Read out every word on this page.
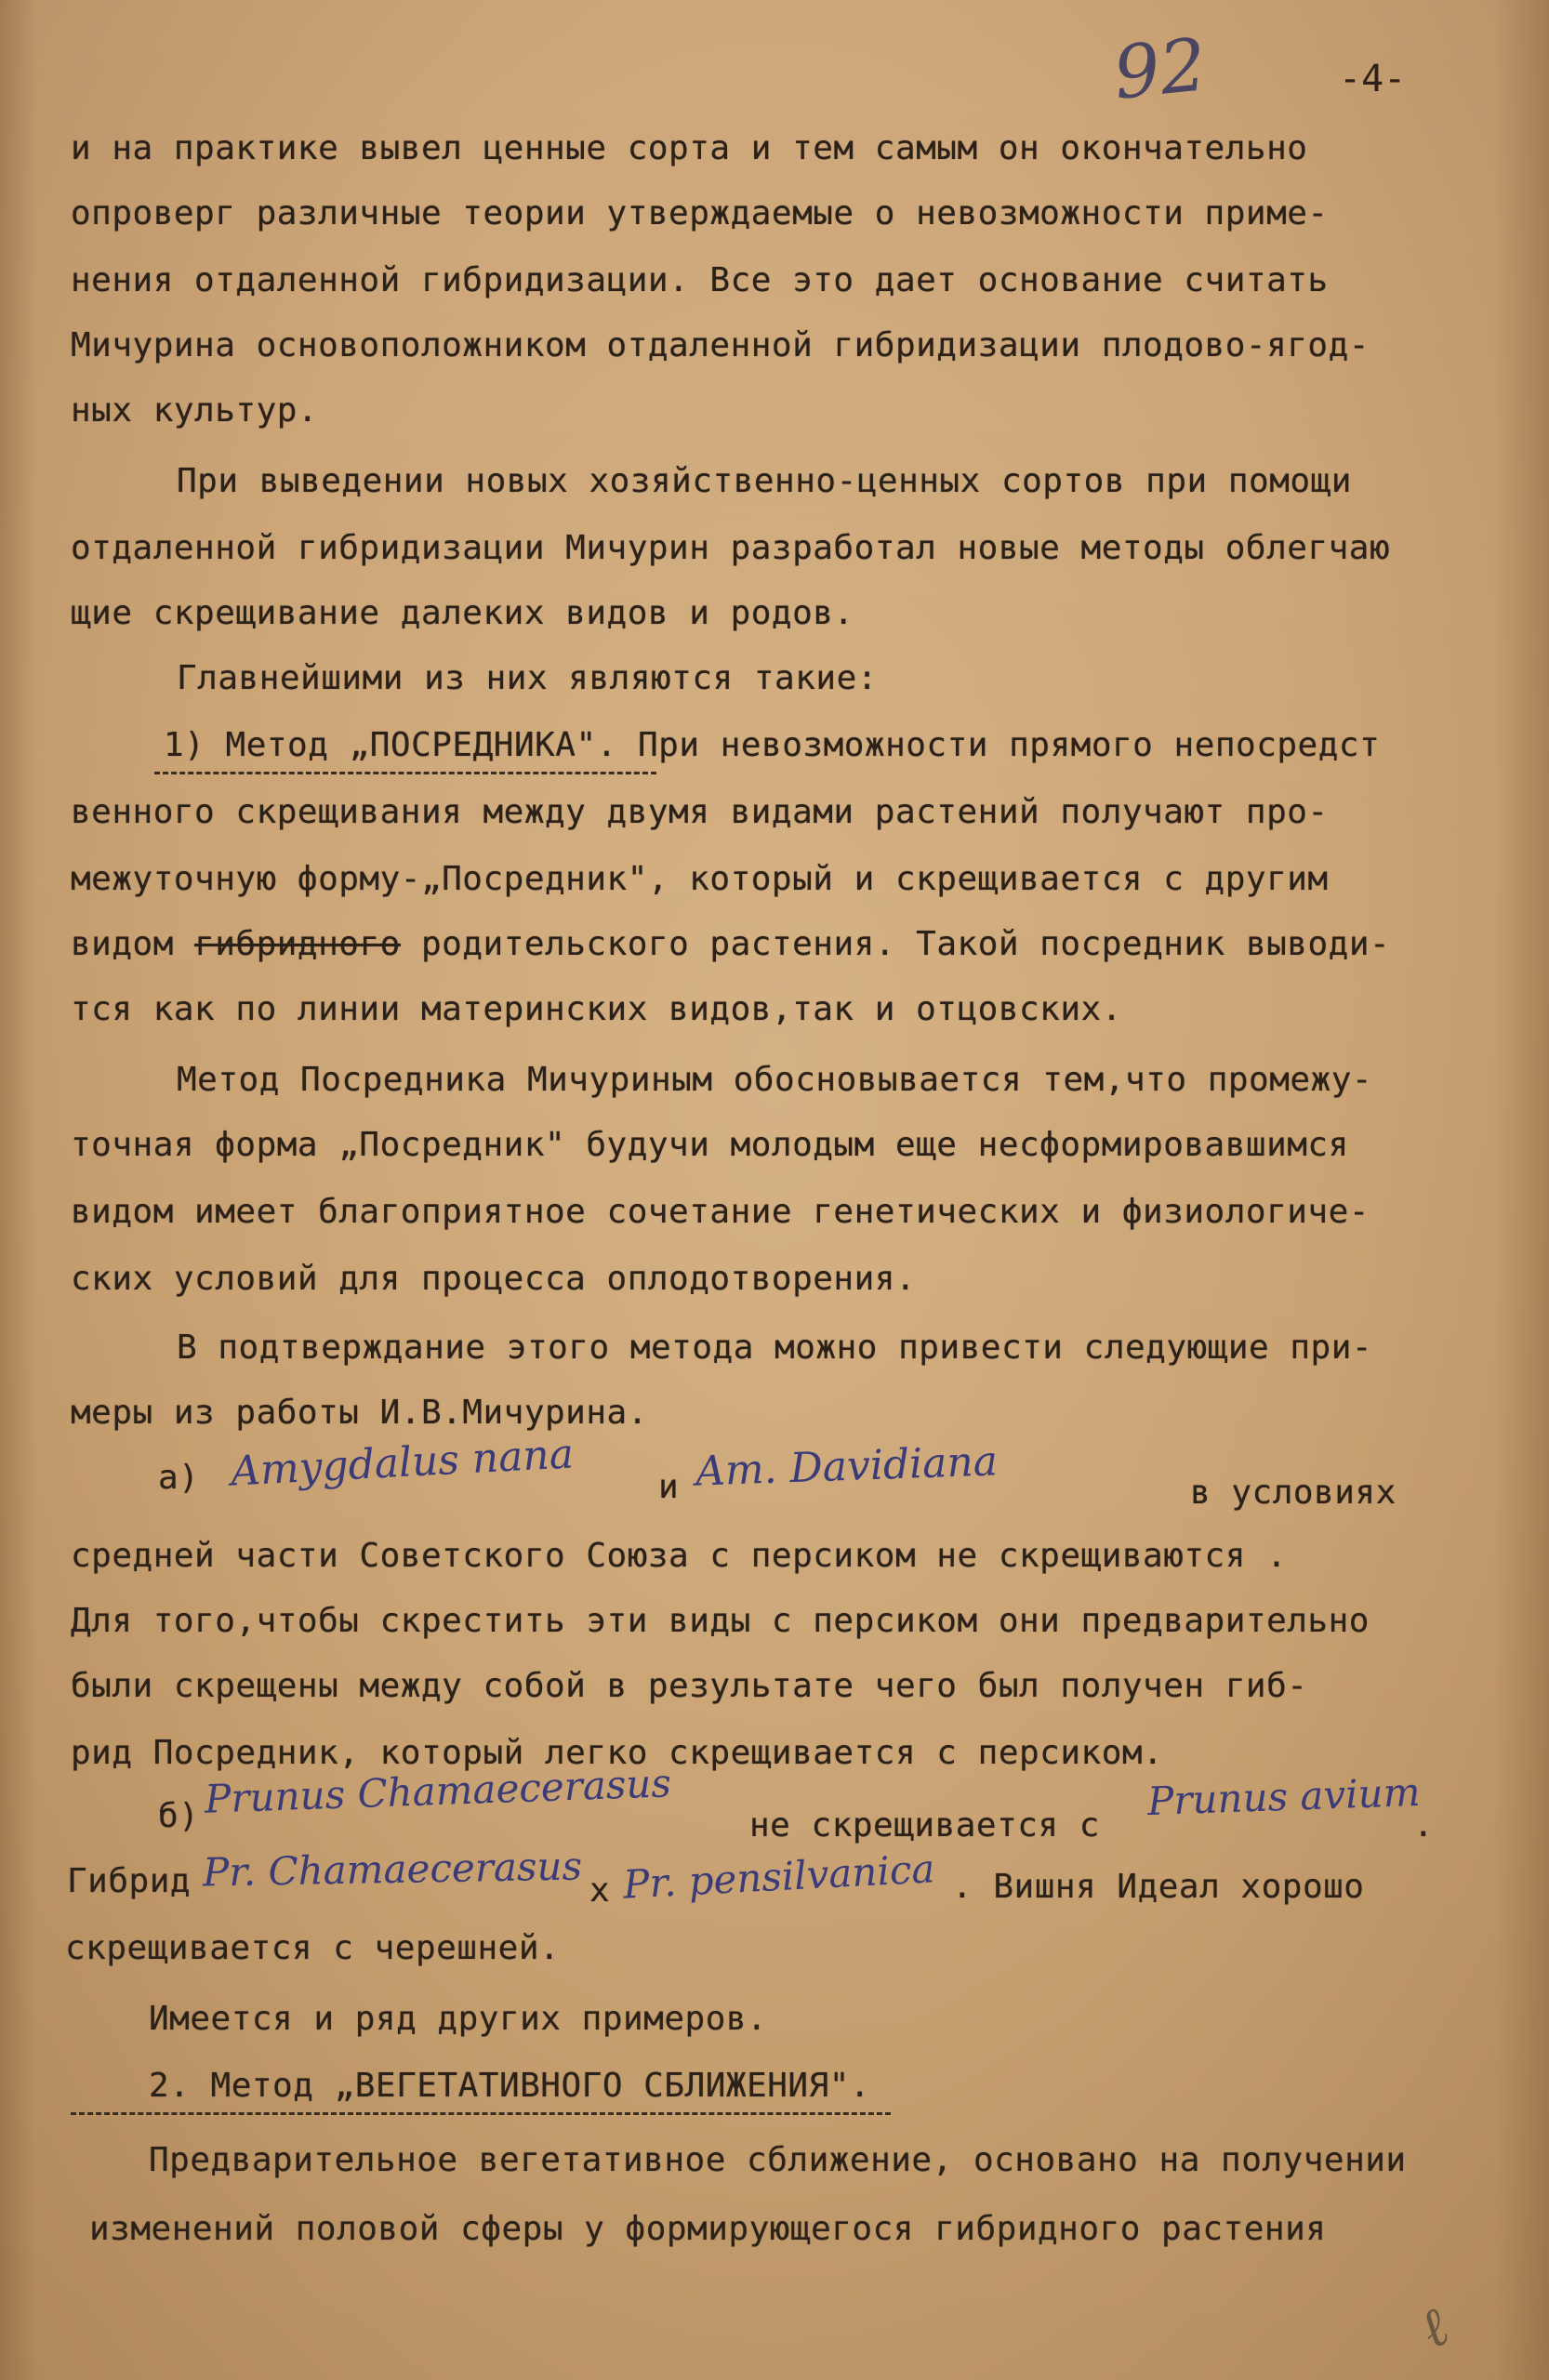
92	-4-
и на практике вывел ценные сорта и тем самым он окончательно
опроверг различные теории утверждаемые о невозможности приме-
нения отдаленной гибридизации. Все это дает основание считать
Мичурина основоположником отдаленной гибридизации плодово-ягод-
ных культур.
При выведении новых хозяйственно-ценных сортов при помощи
отдаленной гибридизации Мичурин разработал новые методы облегчаю
щие скрещивание далеких видов и родов.
Главнейшими из них являются такие:
1) Метод „ПОСРЕДНИКА". При невозможности прямого непосредст
венного скрещивания между двумя видами растений получают про-
межуточную форму-„Посредник", который и скрещивается с другим
видом гибридного родительского растения. Такой посредник выводи-
тся как по линии материнских видов,так и отцовских.
Метод Посредника Мичуриным обосновывается тем,что промежу-
точная форма „Посредник" будучи молодым еще несформировавшимся
видом имеет благоприятное сочетание генетических и физиологиче-
ских условий для процесса оплодотворения.
В подтверждание этого метода можно привести следующие при-
меры из работы И.В.Мичурина.
а) Amygdalus nana и Am. Davidiana	в условиях
средней части Советского Союза с персиком не скрещиваются .
Для того,чтобы скрестить эти виды с персиком они предварительно
были скрещены между собой в результате чего был получен гиб-
рид Посредник, который легко скрещивается с персиком.
б) Prunus Chamaecerasus
не скрещивается с
Prunus avium
.
Гибрид Pr. Chamaecerasus x Pr. pensilvanica . Вишня Идеал хорошо
скрещивается с черешней.
Имеется и ряд других примеров.
2. Метод „ВЕГЕТАТИВНОГО СБЛИЖЕНИЯ".
Предварительное вегетативное сближение, основано на получении
изменений половой сферы у формирующегося гибридного растения
ℓ
